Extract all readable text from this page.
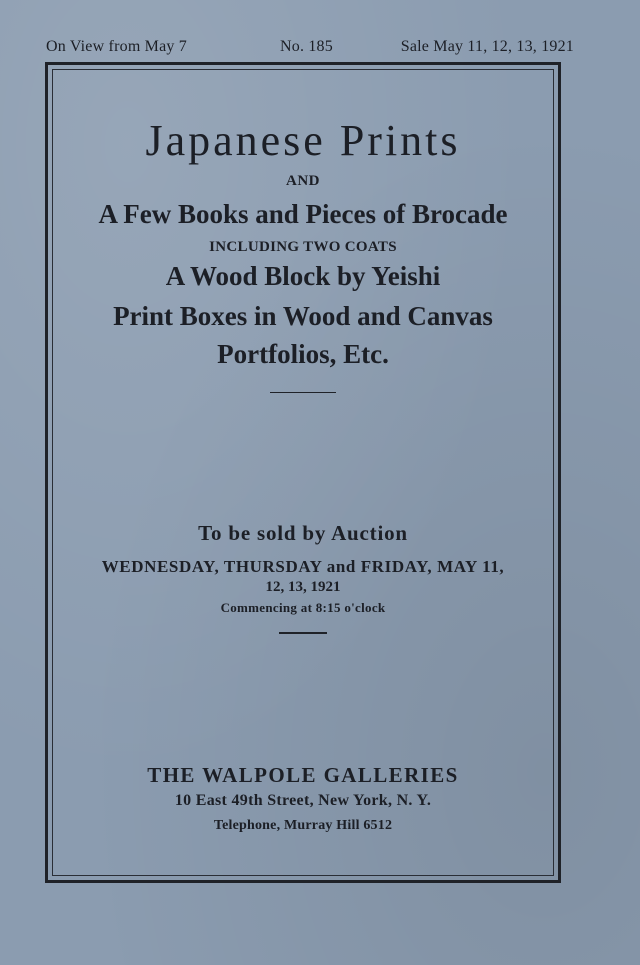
On View from May 7	No. 185	Sale May 11, 12, 13, 1921
Japanese Prints
AND
A Few Books and Pieces of Brocade
INCLUDING TWO COATS
A Wood Block by Yeishi
Print Boxes in Wood and Canvas
Portfolios, Etc.
To be sold by Auction
WEDNESDAY, THURSDAY and FRIDAY, MAY 11,
12, 13, 1921
Commencing at 8:15 o'clock
THE WALPOLE GALLERIES
10 East 49th Street, New York, N. Y.
Telephone, Murray Hill 6512
